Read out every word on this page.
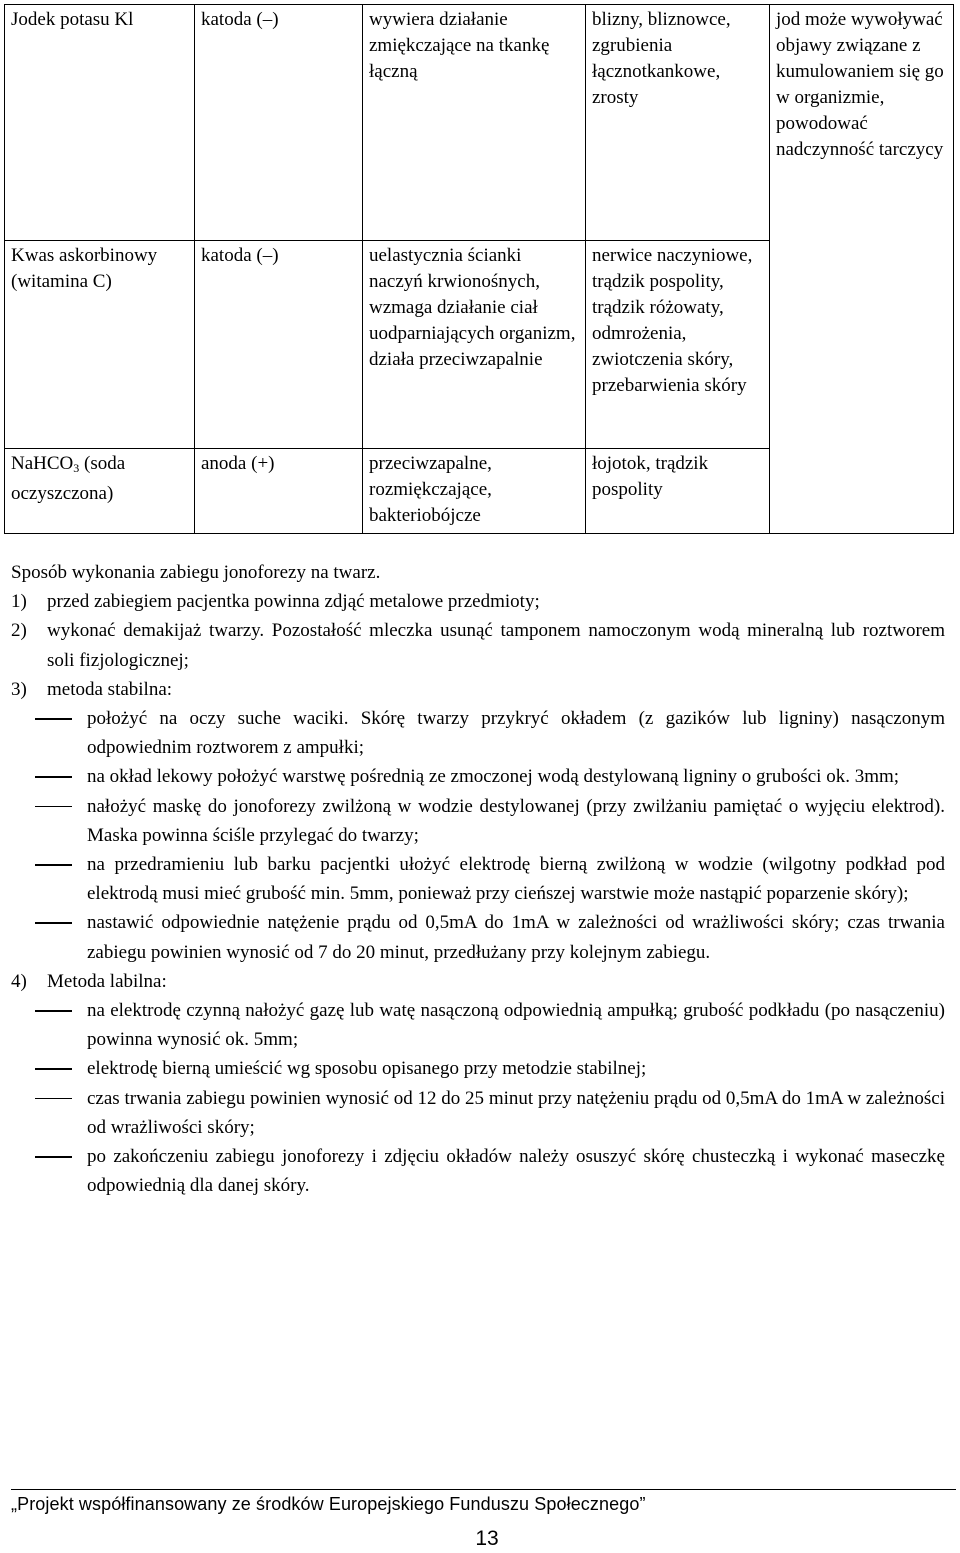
Jodek potasu Kl	katoda (–)	wywiera działanie zmiękczające na tkankę łączną	blizny, bliznowce, zgrubienia łącznotkankowe, zrosty	jod może wywoływać objawy związane z kumulowaniem się go w organizmie, powodować nadczynność tarczycy
Kwas askorbinowy (witamina C)	katoda (–)	uelastycznia ścianki naczyń krwionośnych, wzmaga działanie ciał uodparniających organizm, działa przeciwzapalnie	nerwice naczyniowe, trądzik pospolity, trądzik różowaty, odmrożenia, zwiotczenia skóry, przebarwienia skóry	
NaHCO$_3$ (soda oczyszczona)	anoda (+)	przeciwzapalne, rozmiękczające, bakteriobójcze	łojotok, trądzik pospolity	

Sposób wykonania zabiegu jonoforezy na twarz.

1) przed zabiegiem pacjentka powinna zdjąć metalowe przedmioty;

2) wykonać demakijaż twarzy. Pozostałość mleczka usunąć tamponem namoczonym wodą mineralną lub roztworem soli fizjologicznej;

3) metoda stabilna:

położyć na oczy suche waciki. Skórę twarzy przykryć okładem (z gazików lub ligniny) nasączonym odpowiednim roztworem z ampułki;

na okład lekowy położyć warstwę pośrednią ze zmoczonej wodą destylowaną ligniny o grubości ok. 3mm;

nałożyć maskę do jonoforezy zwilżoną w wodzie destylowanej (przy zwilżaniu pamiętać o wyjęciu elektrod). Maska powinna ściśle przylegać do twarzy;

na przedramieniu lub barku pacjentki ułożyć elektrodę bierną zwilżoną w wodzie (wilgotny podkład pod elektrodą musi mieć grubość min. 5mm, ponieważ przy cieńszej warstwie może nastąpić poparzenie skóry);

nastawić odpowiednie natężenie prądu od 0,5mA do 1mA w zależności od wrażliwości skóry; czas trwania zabiegu powinien wynosić od 7 do 20 minut, przedłużany przy kolejnym zabiegu.

4) Metoda labilna:

na elektrodę czynną nałożyć gazę lub watę nasączoną odpowiednią ampułką; grubość podkładu (po nasączeniu) powinna wynosić ok. 5mm;

elektrodę bierną umieścić wg sposobu opisanego przy metodzie stabilnej;

czas trwania zabiegu powinien wynosić od 12 do 25 minut przy natężeniu prądu od 0,5mA do 1mA w zależności od wrażliwości skóry;

po zakończeniu zabiegu jonoforezy i zdjęciu okładów należy osuszyć skórę chusteczką i wykonać maseczkę odpowiednią dla danej skóry.

„Projekt współfinansowany ze środków Europejskiego Funduszu Społecznego”
13
